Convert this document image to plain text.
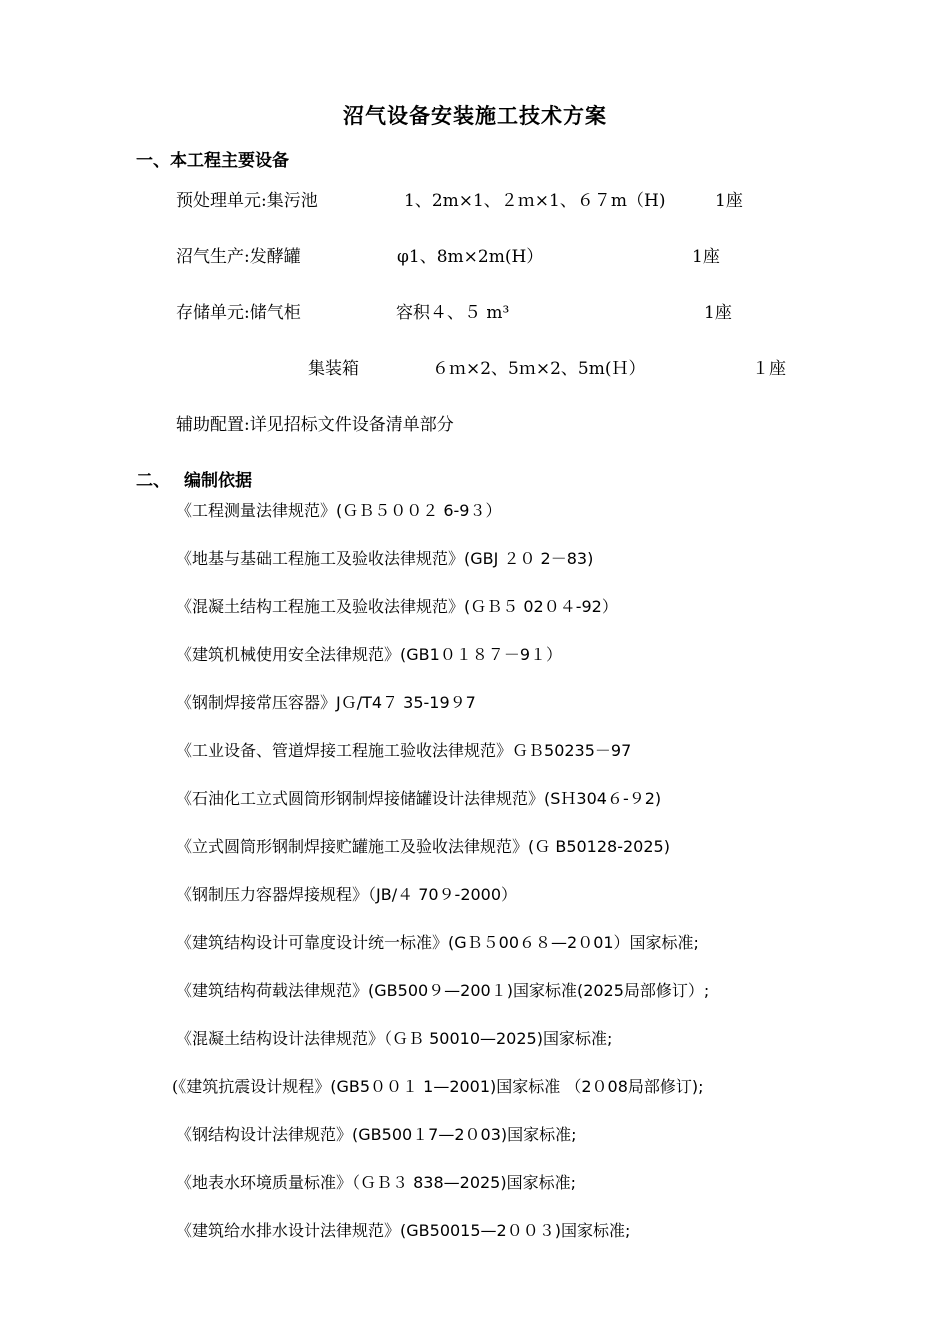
沼气设备安装施工技术方案
一、本工程主要设备
预处理单元:集污池	1、2m×1、２ｍ×1、６７m（H)	1座
沼气生产:发酵罐	φ1、8m×2m(H）	1座
存储单元:储气柜	容积４、５ m³	1座
集装箱	６ｍ×2、5ｍ×2、5m(Ｈ）	１座
辅助配置:详见招标文件设备清单部分
二、 编制依据
《工程测量法律规范》(ＧＢ５００２ 6-9３）
《地基与基础工程施工及验收法律规范》(GBJ ２０ 2－83)
《混凝土结构工程施工及验收法律规范》(ＧＢ５ 02０４-92）
《建筑机械使用安全法律规范》(GB1０１８７－9１）
《钢制焊接常压容器》JＧ/T4７ 35-19９7
《工业设备、管道焊接工程施工验收法律规范》ＧＢ50235－97
《石油化工立式圆筒形钢制焊接储罐设计法律规范》(SＨ304６-９2)
《立式圆筒形钢制焊接贮罐施工及验收法律规范》(Ｇ B50128-2025)
《钢制压力容器焊接规程》（JB/４ 70９-2000）
《建筑结构设计可靠度设计统一标准》(GＢ５00６８—2０01）国家标准;
《建筑结构荷载法律规范》(GB500９—200１)国家标准(2025局部修订）;
《混凝土结构设计法律规范》（ＧＢ 50010—2025)国家标准;
(《建筑抗震设计规程》(GB5００１ 1—2001)国家标准 （2０08局部修订);
《钢结构设计法律规范》(GB500１7—2０03)国家标准;
《地表水环境质量标准》（ＧＢ３ 838—2025)国家标准;
《建筑给水排水设计法律规范》(GB50015—2００３)国家标准;
